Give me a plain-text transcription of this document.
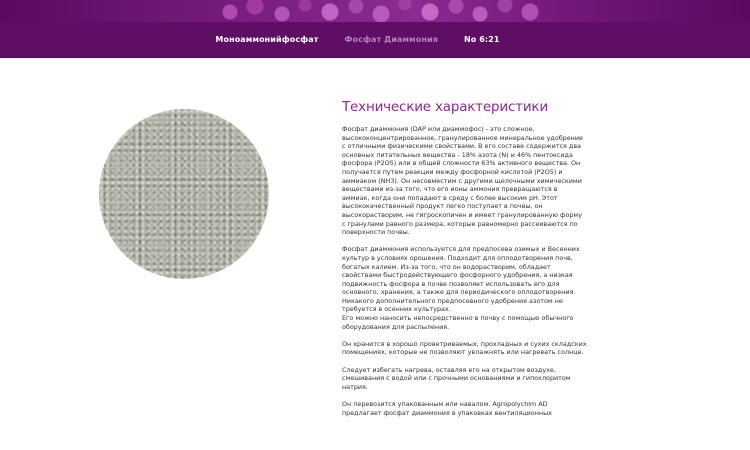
Моноаммонийфосфат	Фосфат Диаммония	No 6:21
Технические характеристики

Фосфат диаммония (DAP или диаммофос) - это сложное, высококонцентрированное, гранулированное минеральное удобрение с отличными физическими свойствами. В его составе содержится два основных питательных вещества - 18% азота (N) и 46% пентоксида фосфора (P2O5) или в общей сложности 63% активного вещества. Он получается путем реакции между фосфорной кислотой (P2O5) и аммиаком (NH3). Он несовместим с другими щелочными химическими веществами из-за того, что его ионы аммония превращаются в аммиак, когда они попадают в среду с более высоким pH. Этот высококачественный продукт легко поступает в почвы, он высокорастворим, не гигроскопичен и имеет гранулированную форму с гранулами равного размера, которые равномерно рассеиваются по поверхности почвы.

Фосфат диаммония используется для предпосева озимых и Весенних культур в условиях орошения. Подходит для оплодотворения почв, богатых калием. Из-за того, что он водорастворим, обладает свойствами быстродействующего фосфорного удобрения, а низкая подвижность фосфора в почве позволяет использовать его для основного, хранения, а также для периодического оплодотворения. Никакого дополнительного предпосевного удобрения азотом не требуется в осенних культурах.
Его можно наносить непосредственно в почву с помощью обычного оборудования для распыления.

Он хранится в хорошо проветриваемых, прохладных и сухих складских помещениях, которые не позволяют увлажнять или нагревать солнце.

Следует избегать нагрева, оставляя его на открытом воздухе, смешивания с водой или с прочными основаниями и гипохлоритом натрия.

Он перевозится упакованным или навалом. Agropolychim AD предлагает фосфат диаммония в упаковках вентиляционных
